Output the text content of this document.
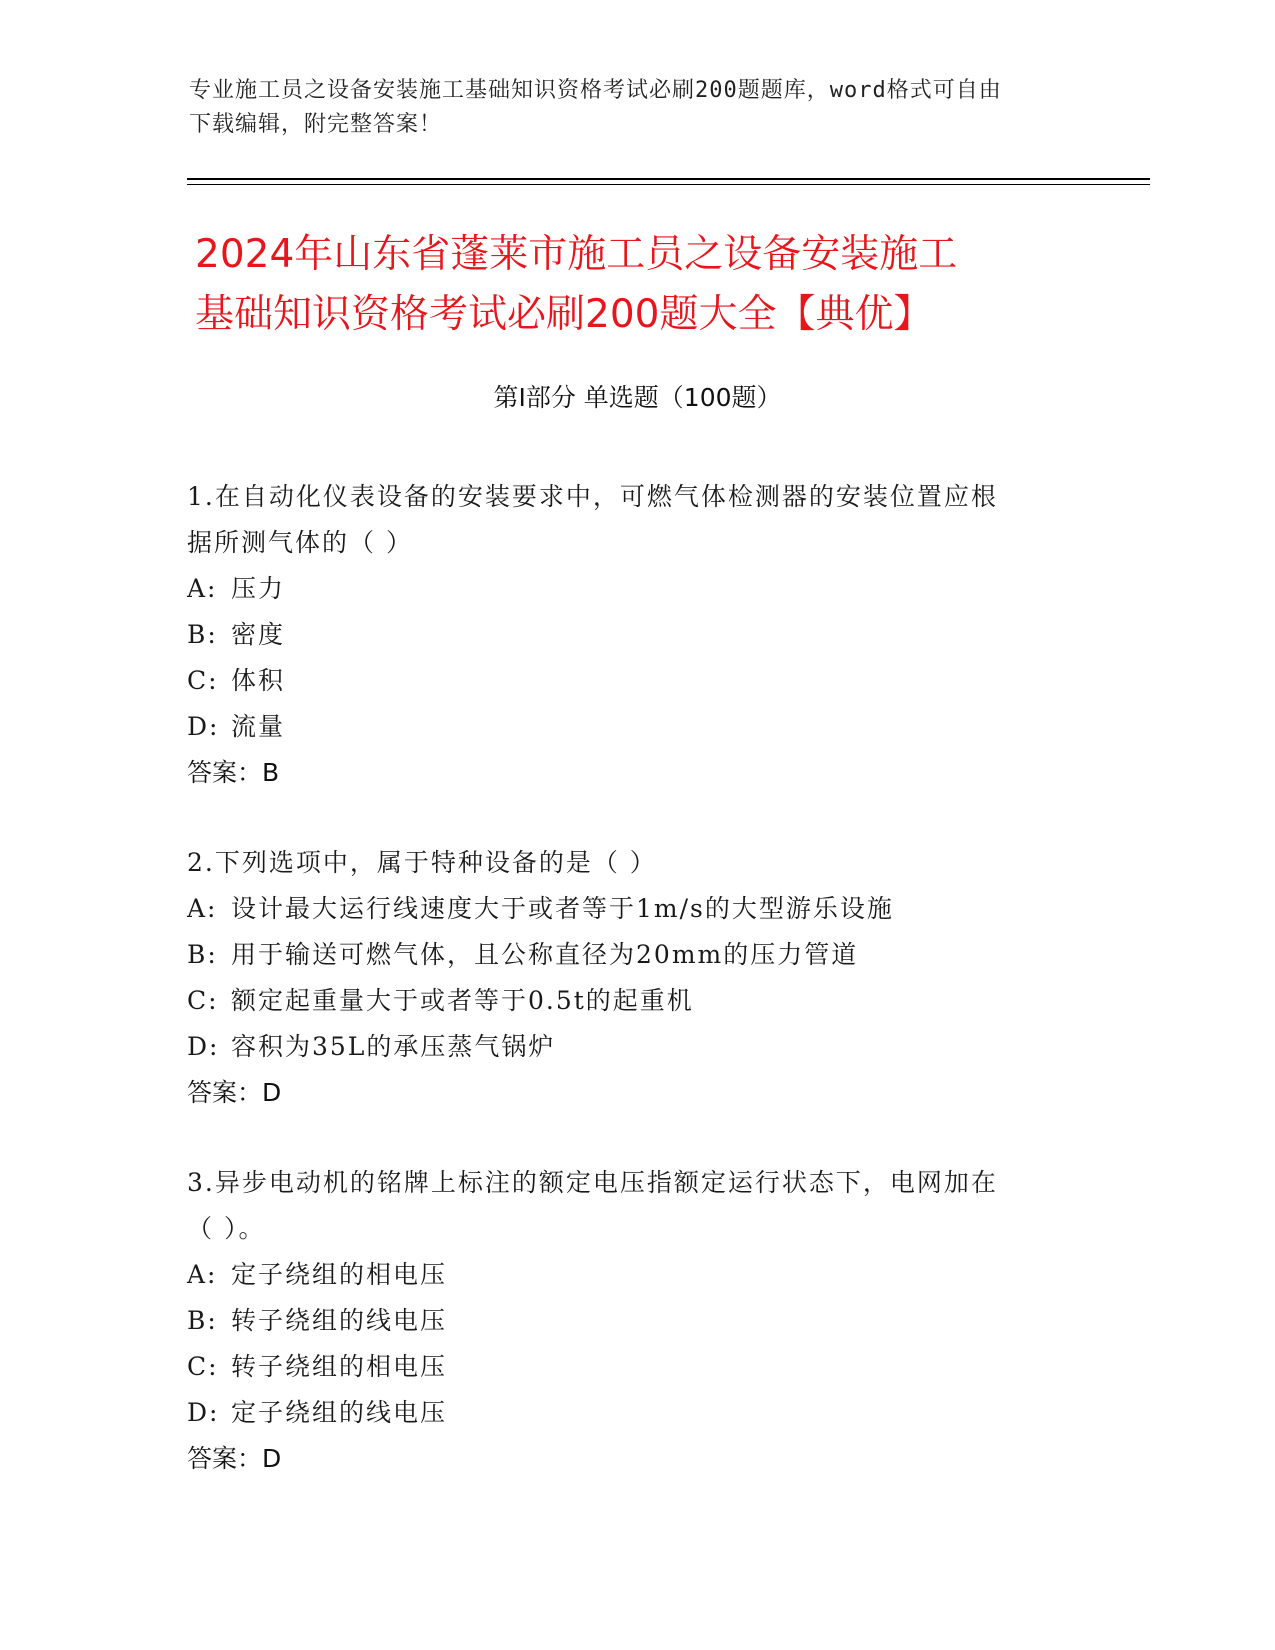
专业施工员之设备安装施工基础知识资格考试必刷200题题库，word格式可自由
下载编辑，附完整答案！
2024年山东省蓬莱市施工员之设备安装施工
基础知识资格考试必刷200题大全【典优】
第Ⅰ部分 单选题（100题）

1.在自动化仪表设备的安装要求中，可燃气体检测器的安装位置应根

据所测气体的（ ）

A: 压力
B: 密度
C: 体积
D: 流量
答案：B

2.下列选项中，属于特种设备的是（ ）

A: 设计最大运行线速度大于或者等于1m/s的大型游乐设施
B: 用于输送可燃气体，且公称直径为20mm的压力管道
C: 额定起重量大于或者等于0.5t的起重机
D: 容积为35L的承压蒸气锅炉
答案：D

3.异步电动机的铭牌上标注的额定电压指额定运行状态下，电网加在

（ ）。

A: 定子绕组的相电压
B: 转子绕组的线电压
C: 转子绕组的相电压
D: 定子绕组的线电压
答案：D
